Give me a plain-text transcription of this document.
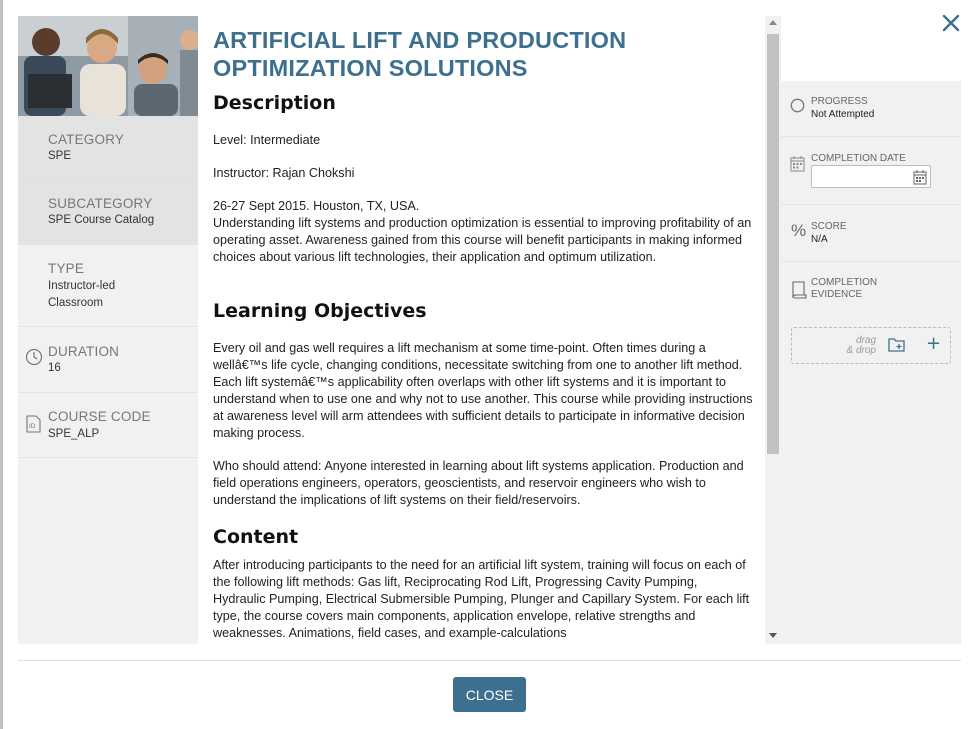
CATEGORY
SPE
SUBCATEGORY
SPE Course Catalog
TYPE
Instructor-led
Classroom
DURATION
16
ID
COURSE CODE
SPE_ALP
ARTIFICIAL LIFT AND PRODUCTION OPTIMIZATION SOLUTIONS
Description
Level: Intermediate
Instructor: Rajan Chokshi
26-27 Sept 2015. Houston, TX, USA.
Understanding lift systems and production optimization is essential to improving profitability of an operating asset. Awareness gained from this course will benefit participants in making informed choices about various lift technologies, their application and optimum utilization.
Learning Objectives
Every oil and gas well requires a lift mechanism at some time-point. Often times during a wellâ€™s life cycle, changing conditions, necessitate switching from one to another lift method. Each lift systemâ€™s applicability often overlaps with other lift systems and it is important to understand when to use one and why not to use another. This course while providing instructions at awareness level will arm attendees with sufficient details to participate in informative decision making process.
Who should attend: Anyone interested in learning about lift systems application. Production and field operations engineers, operators, geoscientists, and reservoir engineers who wish to understand the implications of lift systems on their field/reservoirs.
Content
After introducing participants to the need for an artificial lift system, training will focus on each of the following lift methods: Gas lift, Reciprocating Rod Lift, Progressing Cavity Pumping, Hydraulic Pumping, Electrical Submersible Pumping, Plunger and Capillary System. For each lift type, the course covers main components, application envelope, relative strengths and weaknesses. Animations, field cases, and example-calculations
PROGRESS
Not Attempted
COMPLETION DATE
% SCORE
N/A
COMPLETION
EVIDENCE
drag
& drop	+
CLOSE
